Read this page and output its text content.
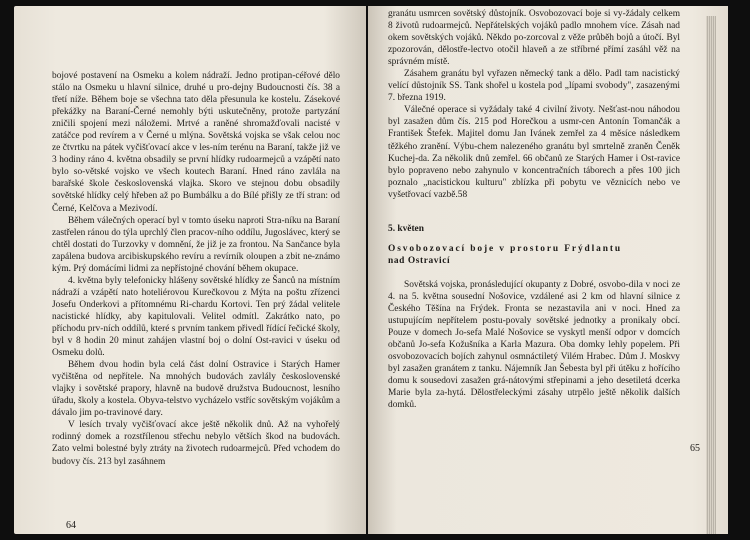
bojové postavení na Osmeku a kolem nádraží. Jedno protipan-céřové dělo stálo na Osmeku u hlavní silnice, druhé u pro-dejny Budoucnosti čís. 38 a třetí níže. Během boje se všechna tato děla přesunula ke kostelu. Zásekové překážky na Baraní-Černé nemohly býti uskutečněny, protože partyzání zničili spojení mezi náložemi. Mrtvé a raněné shromažďovali nacisté v zatáčce pod revírem a v Černé u mlýna. Sovětská vojska se však celou noc ze čtvrtku na pátek vyčišťovací akce v les-ním terénu na Baraní, takže již ve 3 hodiny ráno 4. května obsadily se první hlídky rudoarmejců a vzápětí nato bylo so-větské vojsko ve všech koutech Baraní. Hned ráno zavlála na barařské škole československá vlajka. Skoro ve stejnou dobu obsadily sovětské hlídky celý hřeben až po Bumbálku a do Bílé přišly ze tří stran: od Černé, Kelčova a Mezivodí.

Během válečných operací byl v tomto úseku naproti Stra-níku na Baraní zastřelen ránou do týla uprchlý člen pracov-ního oddílu, Jugoslávec, který se chtěl dostati do Turzovky v domnění, že již je za frontou. Na Sančance byla zapálena budova arcibiskupského revíru a revírník oloupen a zbit ne-známo kým. Prý domácími lidmi za nepřístojné chování během okupace.

4. května byly telefonicky hlášeny sovětské hlídky ze Šanců na místním nádraží a vzápětí nato hoteliérovou Kurečkovou z Mýta na poštu zřízenci Josefu Onderkovi a přítomnému Ri-chardu Kortovi. Ten prý žádal velitele nacistické hlídky, aby kapitulovali. Velitel odmítl. Zakrátko nato, po příchodu prv-ních oddílů, které s prvním tankem přivedl řídící řečické školy, byl v 8 hodin 20 minut zahájen vlastní boj o dolní Ost-ravici v úseku od Osmeku dolů.

Během dvou hodin byla celá část dolní Ostravice i Starých Hamer vyčištěna od nepřítele. Na mnohých budovách zavlály československé vlajky i sovětské prapory, hlavně na budově družstva Budoucnost, lesního úřadu, školy a kostela. Obyva-telstvo vycházelo vstříc sovětským vojákům a dávalo jim po-travinové dary.

V lesích trvaly vyčišťovací akce ještě několik dnů. Až na vyhořelý rodinný domek a rozstřílenou střechu nebylo větších škod na budovách. Zato velmi bolestné byly ztráty na životech rudoarmejců. Před vchodem do budovy čís. 213 byl zasáhnem

64

granátu usmrcen sovětský důstojník. Osvobozovací boje si vy-žádaly celkem 8 životů rudoarmejců. Nepřátelských vojáků padlo mnohem více. Zásah nad okem sovětských vojáků. Někdo po-zorcoval z věže průběh bojů a útočí. Byl zpozorován, dělostře-lectvo otočil hlaveň a ze stříbrné přímí zasáhl věž na správném místě.

Zásahem granátu byl vyřazen německý tank a dělo. Padl tam nacistický velící důstojník SS. Tank shořel u kostela pod „lípami svobody", zasazenými 7. března 1919.

Válečné operace si vyžádaly také 4 civilní životy. Nešťast-nou náhodou byl zasažen dům čís. 215 pod Horečkou a usmr-cen Antonín Tomančák a František Štefek. Majitel domu Jan Ivánek zemřel za 4 měsíce následkem těžkého zranění. Výbu-chem nalezeného granátu byl smrtelně zraněn Čeněk Kuchej-da. Za několik dnů zemřel. 66 občanů ze Starých Hamer i Ost-ravice bylo popraveno nebo zahynulo v koncentračních táborech a přes 100 jich poznalo „nacistickou kulturu" zblízka při pobytu ve věznicích nebo ve vyšetřovací vazbě.58

5. květen

Osvobozovací boje v prostoru Frýdlantu

nad Ostravicí

Sovětská vojska, pronásledující okupanty z Dobré, osvobo-dila v noci ze 4. na 5. května sousední Nošovice, vzdálené asi 2 km od hlavní silnice z Českého Těšína na Frýdek. Fronta se nezastavila ani v noci. Hned za ustupujícím nepřítelem postu-povaly sovětské jednotky a pronikaly obcí. Pouze v domech Jo-sefa Malé Nošovice se vyskytl menší odpor v domcích občanů Jo-sefa Kožušníka a Karla Mazura. Oba domky lehly popelem. Při osvobozovacích bojích zahynul osmnáctiletý Vilém Hrabec. Dům J. Moskvy byl zasažen granátem z tanku. Nájemník Jan Šebesta byl při útěku z hořícího domu k sousedovi zasažen grá-nátovými střepinami a jeho desetiletá dcerka Marie byla za-hytá. Dělostřeleckými zásahy utrpělo ještě několik dalších domků.

65
